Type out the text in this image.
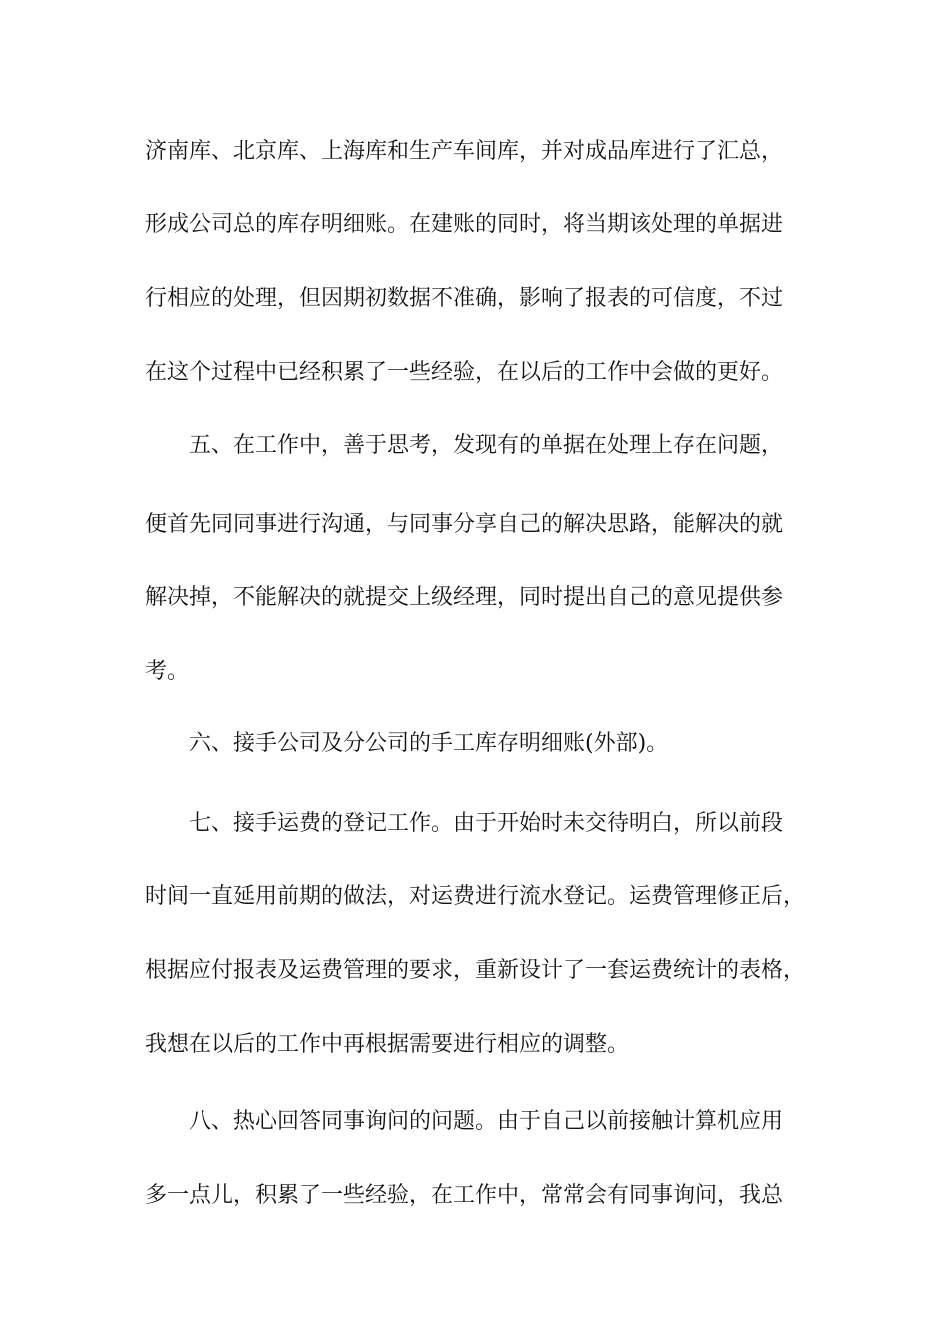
济南库、北京库、上海库和生产车间库，并对成品库进行了汇总，
形成公司总的库存明细账。在建账的同时，将当期该处理的单据进
行相应的处理，但因期初数据不准确，影响了报表的可信度，不过
在这个过程中已经积累了一些经验，在以后的工作中会做的更好。
五、在工作中，善于思考，发现有的单据在处理上存在问题，
便首先同同事进行沟通，与同事分享自己的解决思路，能解决的就
解决掉，不能解决的就提交上级经理，同时提出自己的意见提供参
考。
六、接手公司及分公司的手工库存明细账(外部)。
七、接手运费的登记工作。由于开始时未交待明白，所以前段
时间一直延用前期的做法，对运费进行流水登记。运费管理修正后，
根据应付报表及运费管理的要求，重新设计了一套运费统计的表格，
我想在以后的工作中再根据需要进行相应的调整。
八、热心回答同事询问的问题。由于自己以前接触计算机应用
多一点儿，积累了一些经验，在工作中，常常会有同事询问，我总
